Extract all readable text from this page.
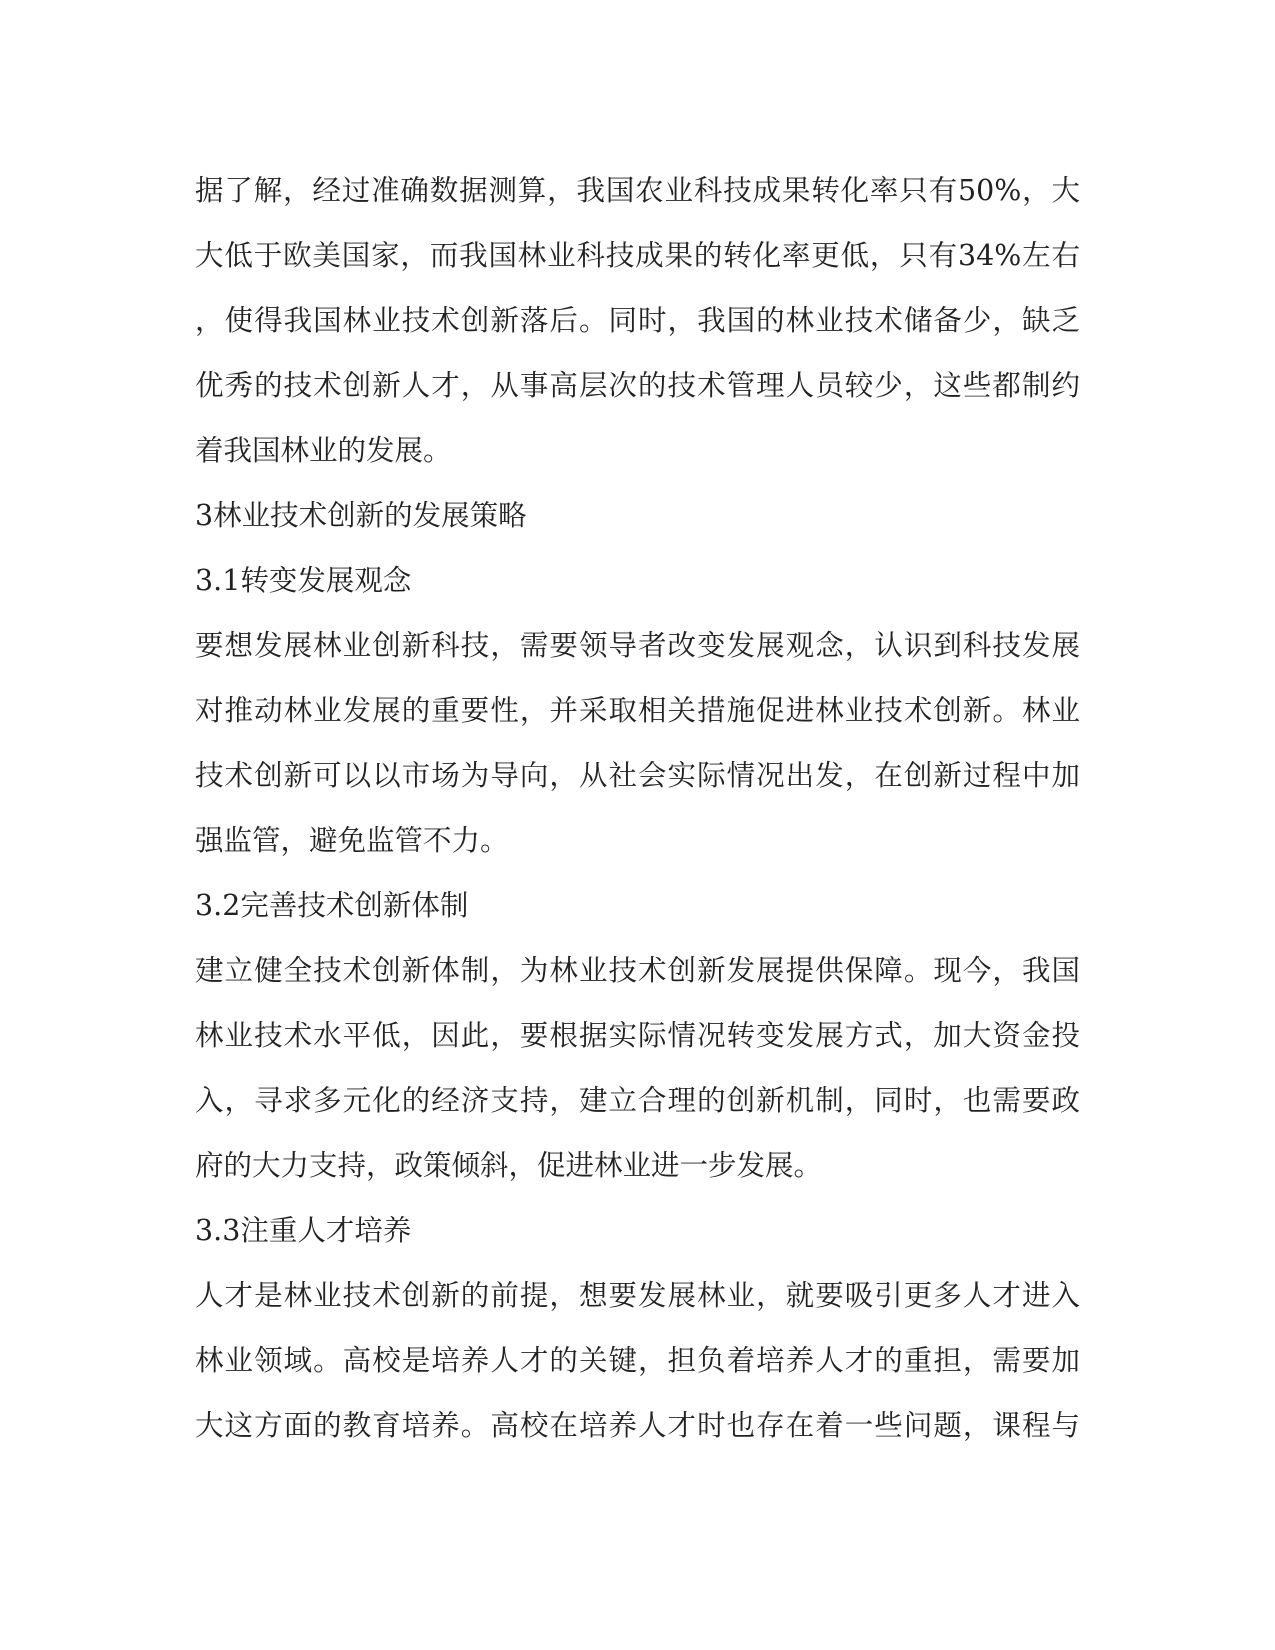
据了解，经过准确数据测算，我国农业科技成果转化率只有50%，大
大低于欧美国家，而我国林业科技成果的转化率更低，只有34%左右
，使得我国林业技术创新落后。同时，我国的林业技术储备少，缺乏
优秀的技术创新人才，从事高层次的技术管理人员较少，这些都制约
着我国林业的发展。
3林业技术创新的发展策略
3.1转变发展观念
要想发展林业创新科技，需要领导者改变发展观念，认识到科技发展
对推动林业发展的重要性，并采取相关措施促进林业技术创新。林业
技术创新可以以市场为导向，从社会实际情况出发，在创新过程中加
强监管，避免监管不力。
3.2完善技术创新体制
建立健全技术创新体制，为林业技术创新发展提供保障。现今，我国
林业技术水平低，因此，要根据实际情况转变发展方式，加大资金投
入，寻求多元化的经济支持，建立合理的创新机制，同时，也需要政
府的大力支持，政策倾斜，促进林业进一步发展。
3.3注重人才培养
人才是林业技术创新的前提，想要发展林业，就要吸引更多人才进入
林业领域。高校是培养人才的关键，担负着培养人才的重担，需要加
大这方面的教育培养。高校在培养人才时也存在着一些问题，课程与
